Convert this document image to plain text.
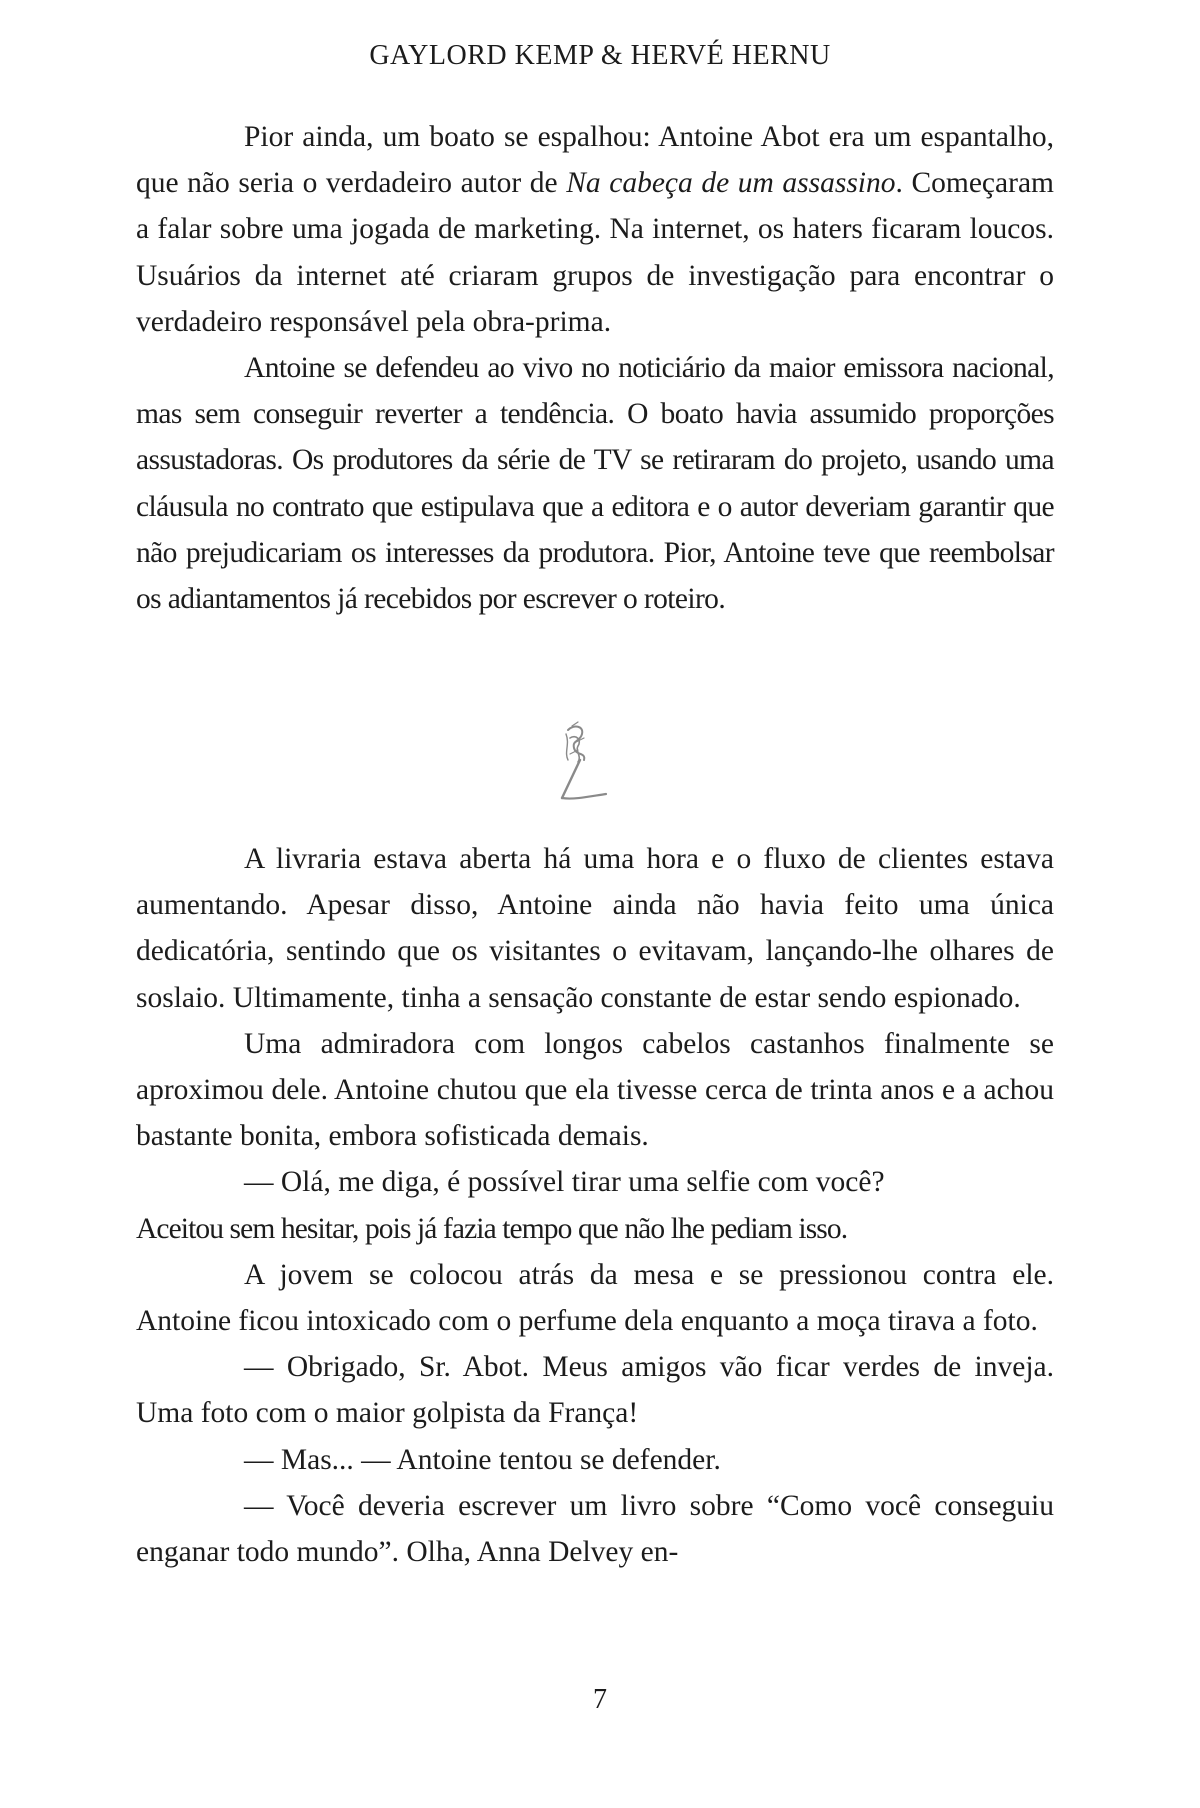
GAYLORD KEMP & HERVÉ HERNU

Pior ainda, um boato se espalhou: Antoine Abot era um espantalho, que não seria o verdadeiro autor de Na cabeça de um assassino. Começaram a falar sobre uma jogada de marketing. Na internet, os haters ficaram loucos. Usuários da internet até criaram grupos de investigação para encontrar o verdadeiro responsável pela obra-prima.

Antoine se defendeu ao vivo no noticiário da maior emissora nacional, mas sem conseguir reverter a tendência. O boato havia assumido proporções assustadoras. Os produtores da série de TV se retiraram do projeto, usando uma cláusula no contrato que estipulava que a editora e o autor deveriam garantir que não prejudicariam os interesses da produtora. Pior, Antoine teve que reembolsar os adiantamentos já recebidos por escrever o roteiro.

A livraria estava aberta há uma hora e o fluxo de clientes estava aumentando. Apesar disso, Antoine ainda não havia feito uma única dedicatória, sentindo que os visitantes o evitavam, lançando-lhe olhares de soslaio. Ultimamente, tinha a sensação constante de estar sendo espionado.

Uma admiradora com longos cabelos castanhos finalmente se aproximou dele. Antoine chutou que ela tivesse cerca de trinta anos e a achou bastante bonita, embora sofisticada demais.

— Olá, me diga, é possível tirar uma selfie com você?

Aceitou sem hesitar, pois já fazia tempo que não lhe pediam isso.

A jovem se colocou atrás da mesa e se pressionou contra ele. Antoine ficou intoxicado com o perfume dela enquanto a moça tirava a foto.

— Obrigado, Sr. Abot. Meus amigos vão ficar verdes de inveja. Uma foto com o maior golpista da França!

— Mas... — Antoine tentou se defender.

— Você deveria escrever um livro sobre “Como você conseguiu enganar todo mundo”. Olha, Anna Delvey en-

7
